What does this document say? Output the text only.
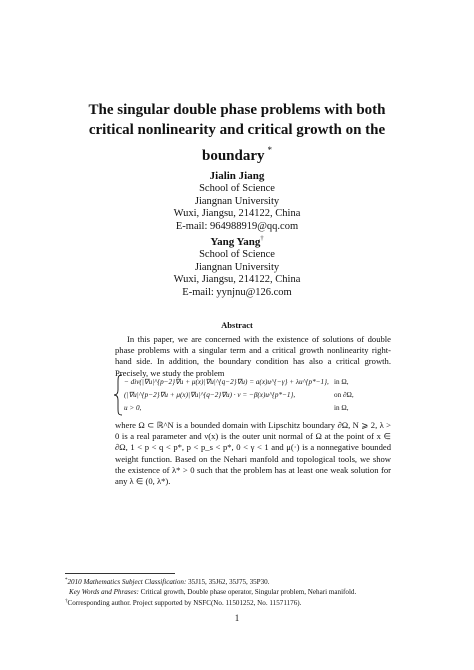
The singular double phase problems with both
critical nonlinearity and critical growth on the
boundary *
Jialin Jiang
School of Science
Jiangnan University
Wuxi, Jiangsu, 214122, China
E-mail: 964988919@qq.com
Yang Yang†
School of Science
Jiangnan University
Wuxi, Jiangsu, 214122, China
E-mail: yynjnu@126.com
Abstract
In this paper, we are concerned with the existence of solutions of double phase problems with a singular term and a critical growth nonlinearity right-hand side. In addition, the boundary condition has also a critical growth. Precisely, we study the problem
− div(|∇u|^{p−2}∇u + μ(x)|∇u|^{q−2}∇u) = a(x)u^{−γ} + λu^{p*−1}, in Ω,
(|∇u|^{p−2}∇u + μ(x)|∇u|^{q−2}∇u) · ν = −β(x)u^{p*−1},	on ∂Ω,
u > 0,	in Ω,
where Ω ⊂ ℝ^N is a bounded domain with Lipschitz boundary ∂Ω, N ⩾ 2, λ > 0 is a real parameter and ν(x) is the outer unit normal of Ω at the point of x ∈ ∂Ω, 1 < p < q < p*, p < p_s < p*, 0 < γ < 1 and μ(·) is a nonnegative bounded weight function. Based on the Nehari manfold and topological tools, we show the existence of λ* > 0 such that the problem has at least one weak solution for any λ ∈ (0, λ*).
*2010 Mathematics Subject Classification: 35J15, 35J62, 35J75, 35P30.
Key Words and Phrases: Critical growth, Double phase operator, Singular problem, Nehari manifold.
†Corresponding author. Project supported by NSFC(No. 11501252, No. 11571176).
1
